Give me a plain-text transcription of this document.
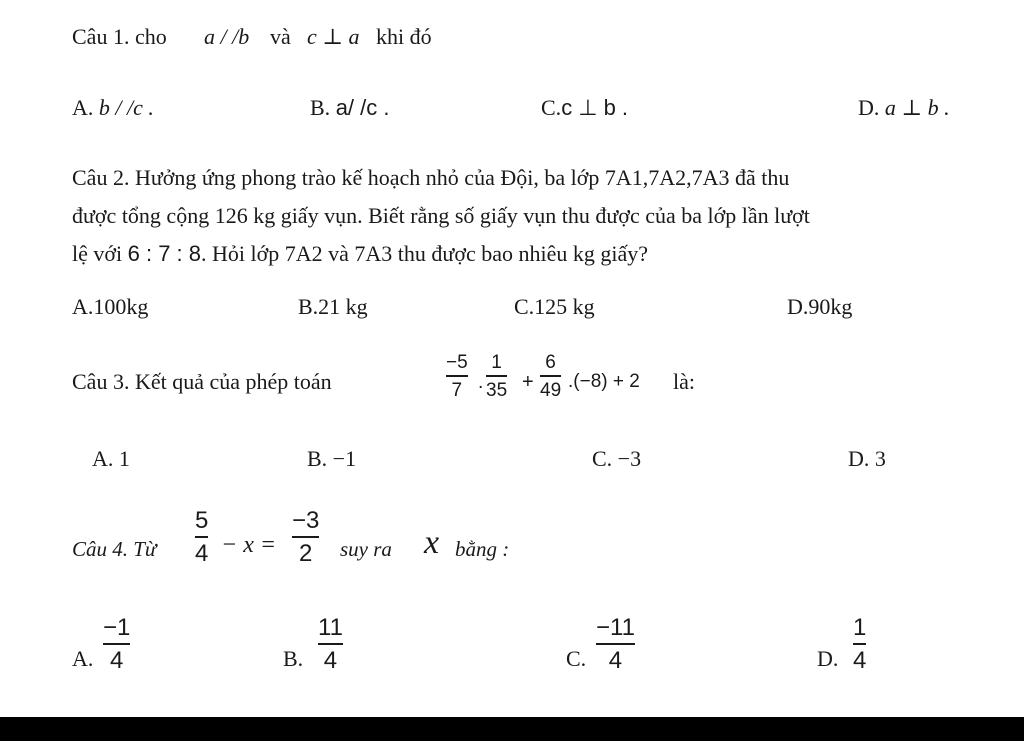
Câu 1. cho a / /b và c ⊥ a khi đó
A. b / /c .	B. a/ /c .	C.c ⊥ b .	D. a ⊥ b .
Câu 2. Hưởng ứng phong trào kế hoạch nhỏ của Đội, ba lớp 7A1,7A2,7A3 đã thu
được tổng cộng 126 kg giấy vụn. Biết rằng số giấy vụn thu được của ba lớp lần lượt
lệ với 6 : 7 : 8. Hỏi lớp 7A2 và 7A3 thu được bao nhiêu kg giấy?
A.100kg	B.21 kg	C.125 kg	D.90kg
Câu 3. Kết quả của phép toán
−5
7 .
1
35 +
6
49 .(−8) + 2 là:
A. 1	B. −1	C. −3	D. 3
Câu 4. Từ
5
4 − x =
−3
2 suy ra x bằng :
A.
−1
4	B.
11
4	C.
−11
4	D.
1
4
